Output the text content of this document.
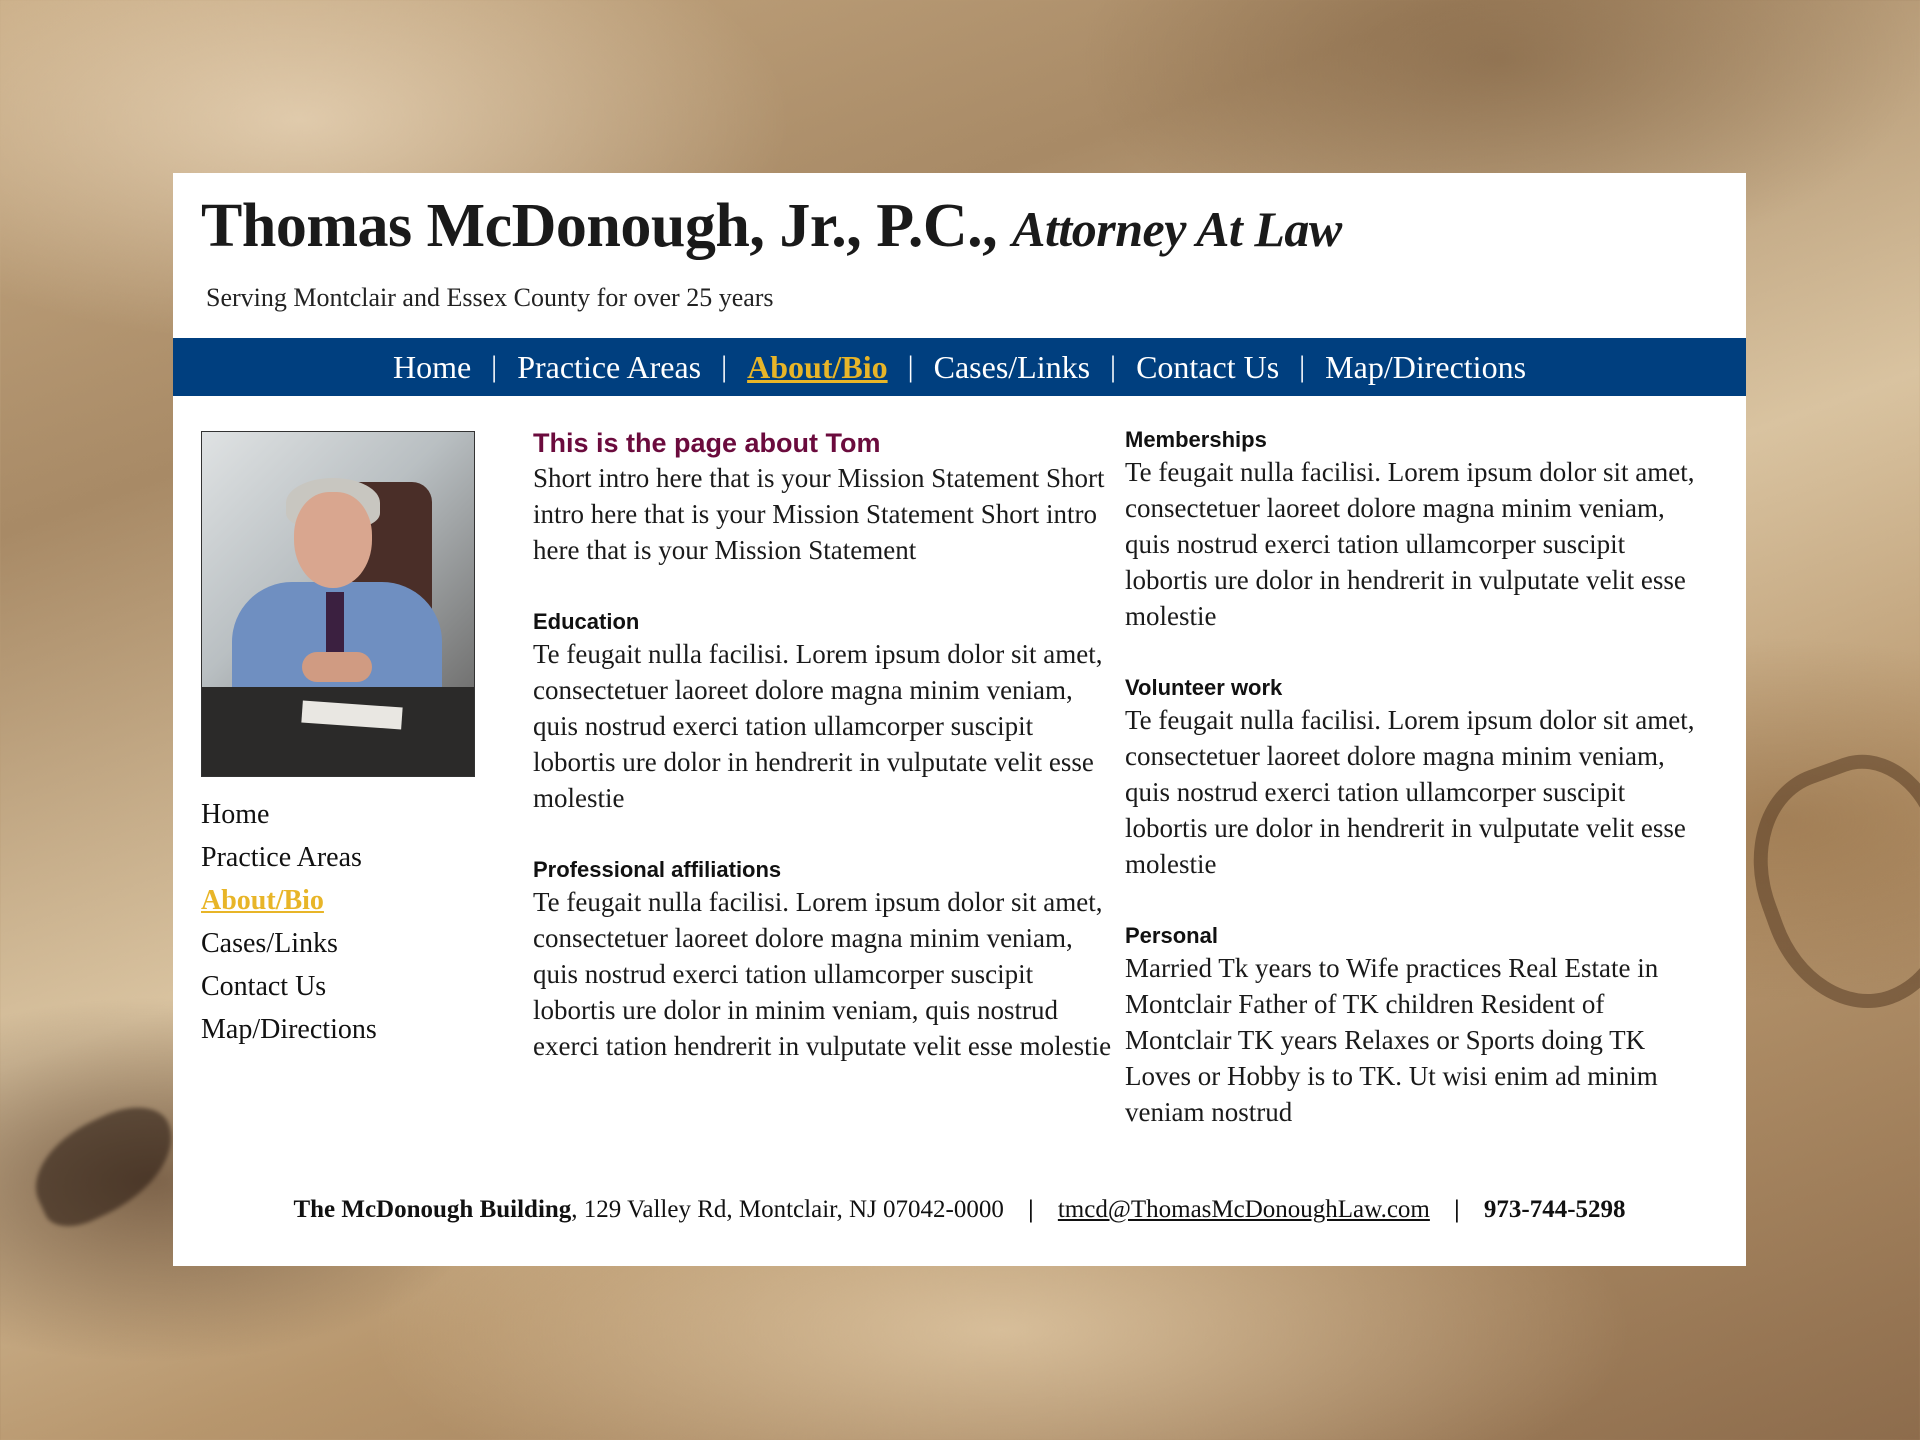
Thomas McDonough, Jr., P.C., Attorney At Law
Serving Montclair and Essex County for over 25 years
Home | Practice Areas | About/Bio | Cases/Links | Contact Us | Map/Directions
Home
Practice Areas
About/Bio
Cases/Links
Contact Us
Map/Directions
This is the page about Tom

Short intro here that is your Mission Statement Short intro here that is your Mission Statement Short intro here that is your Mission Statement

Education

Te feugait nulla facilisi. Lorem ipsum dolor sit amet, consectetuer laoreet dolore magna minim veniam, quis nostrud exerci tation ullamcorper suscipit lobortis ure dolor in hendrerit in vulputate velit esse molestie

Professional affiliations

Te feugait nulla facilisi. Lorem ipsum dolor sit amet, consectetuer laoreet dolore magna minim veniam, quis nostrud exerci tation ullamcorper suscipit lobortis ure dolor in minim veniam, quis nostrud exerci tation hendrerit in vulputate velit esse molestie

Memberships

Te feugait nulla facilisi. Lorem ipsum dolor sit amet, consectetuer laoreet dolore magna minim veniam, quis nostrud exerci tation ullamcorper suscipit lobortis ure dolor in hendrerit in vulputate velit esse molestie

Volunteer work

Te feugait nulla facilisi. Lorem ipsum dolor sit amet, consectetuer laoreet dolore magna minim veniam, quis nostrud exerci tation ullamcorper suscipit lobortis ure dolor in hendrerit in vulputate velit esse molestie

Personal

Married Tk years to Wife practices Real Estate in Montclair Father of TK children Resident of Montclair TK years Relaxes or Sports doing TK Loves or Hobby is to TK. Ut wisi enim ad minim veniam nostrud

The McDonough Building, 129 Valley Rd, Montclair, NJ 07042-0000 | tmcd@ThomasMcDonoughLaw.com | 973-744-5298
